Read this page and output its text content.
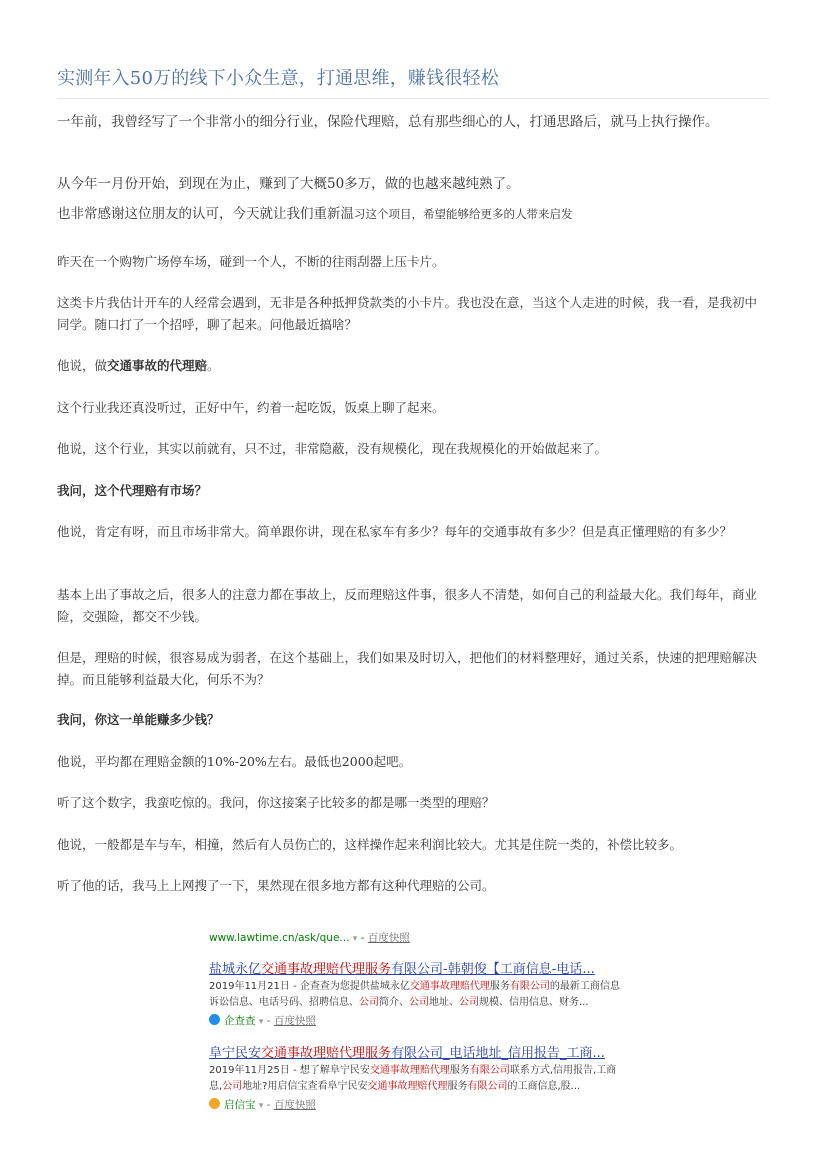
实测年入50万的线下小众生意，打通思维，赚钱很轻松

一年前，我曾经写了一个非常小的细分行业，保险代理赔，总有那些细心的人，打通思路后，就马上执行操作。

从今年一月份开始，到现在为止，赚到了大概50多万，做的也越来越纯熟了。

也非常感谢这位朋友的认可，今天就让我们重新温习这个项目，希望能够给更多的人带来启发

昨天在一个购物广场停车场，碰到一个人，不断的往雨刮器上压卡片。

这类卡片我估计开车的人经常会遇到，无非是各种抵押贷款类的小卡片。我也没在意，当这个人走进的时候，我一看，是我初中同学。随口打了一个招呼，聊了起来。问他最近搞啥？

他说，做交通事故的代理赔。

这个行业我还真没听过，正好中午，约着一起吃饭，饭桌上聊了起来。

他说，这个行业，其实以前就有，只不过，非常隐蔽，没有规模化，现在我规模化的开始做起来了。

我问，这个代理赔有市场？

他说，肯定有呀，而且市场非常大。简单跟你讲，现在私家车有多少？每年的交通事故有多少？但是真正懂理赔的有多少？

基本上出了事故之后，很多人的注意力都在事故上，反而理赔这件事，很多人不清楚，如何自己的利益最大化。我们每年，商业险，交强险，都交不少钱。

但是，理赔的时候，很容易成为弱者，在这个基础上，我们如果及时切入，把他们的材料整理好，通过关系，快速的把理赔解决掉。而且能够利益最大化，何乐不为？

我问，你这一单能赚多少钱？

他说，平均都在理赔金额的10%-20%左右。最低也2000起吧。

听了这个数字，我蛮吃惊的。我问，你这接案子比较多的都是哪一类型的理赔？

他说，一般都是车与车，相撞，然后有人员伤亡的，这样操作起来利润比较大。尤其是住院一类的，补偿比较多。

听了他的话，我马上上网搜了一下，果然现在很多地方都有这种代理赔的公司。

www.lawtime.cn/ask/que... ▾ - 百度快照
盐城永亿交通事故理赔代理服务有限公司-韩朝俊【工商信息-电话...
2019年11月21日 - 企查查为您提供盐城永亿交通事故理赔代理服务有限公司的最新工商信息
诉讼信息、电话号码、招聘信息、公司简介、公司地址、公司规模、信用信息、财务...
企查查 ▾ - 百度快照
阜宁民安交通事故理赔代理服务有限公司_电话地址_信用报告_工商...
2019年11月25日 - 想了解阜宁民安交通事故理赔代理服务有限公司联系方式,信用报告,工商
息,公司地址?用启信宝查看阜宁民安交通事故理赔代理服务有限公司的工商信息,股...
启信宝 ▾ - 百度快照
